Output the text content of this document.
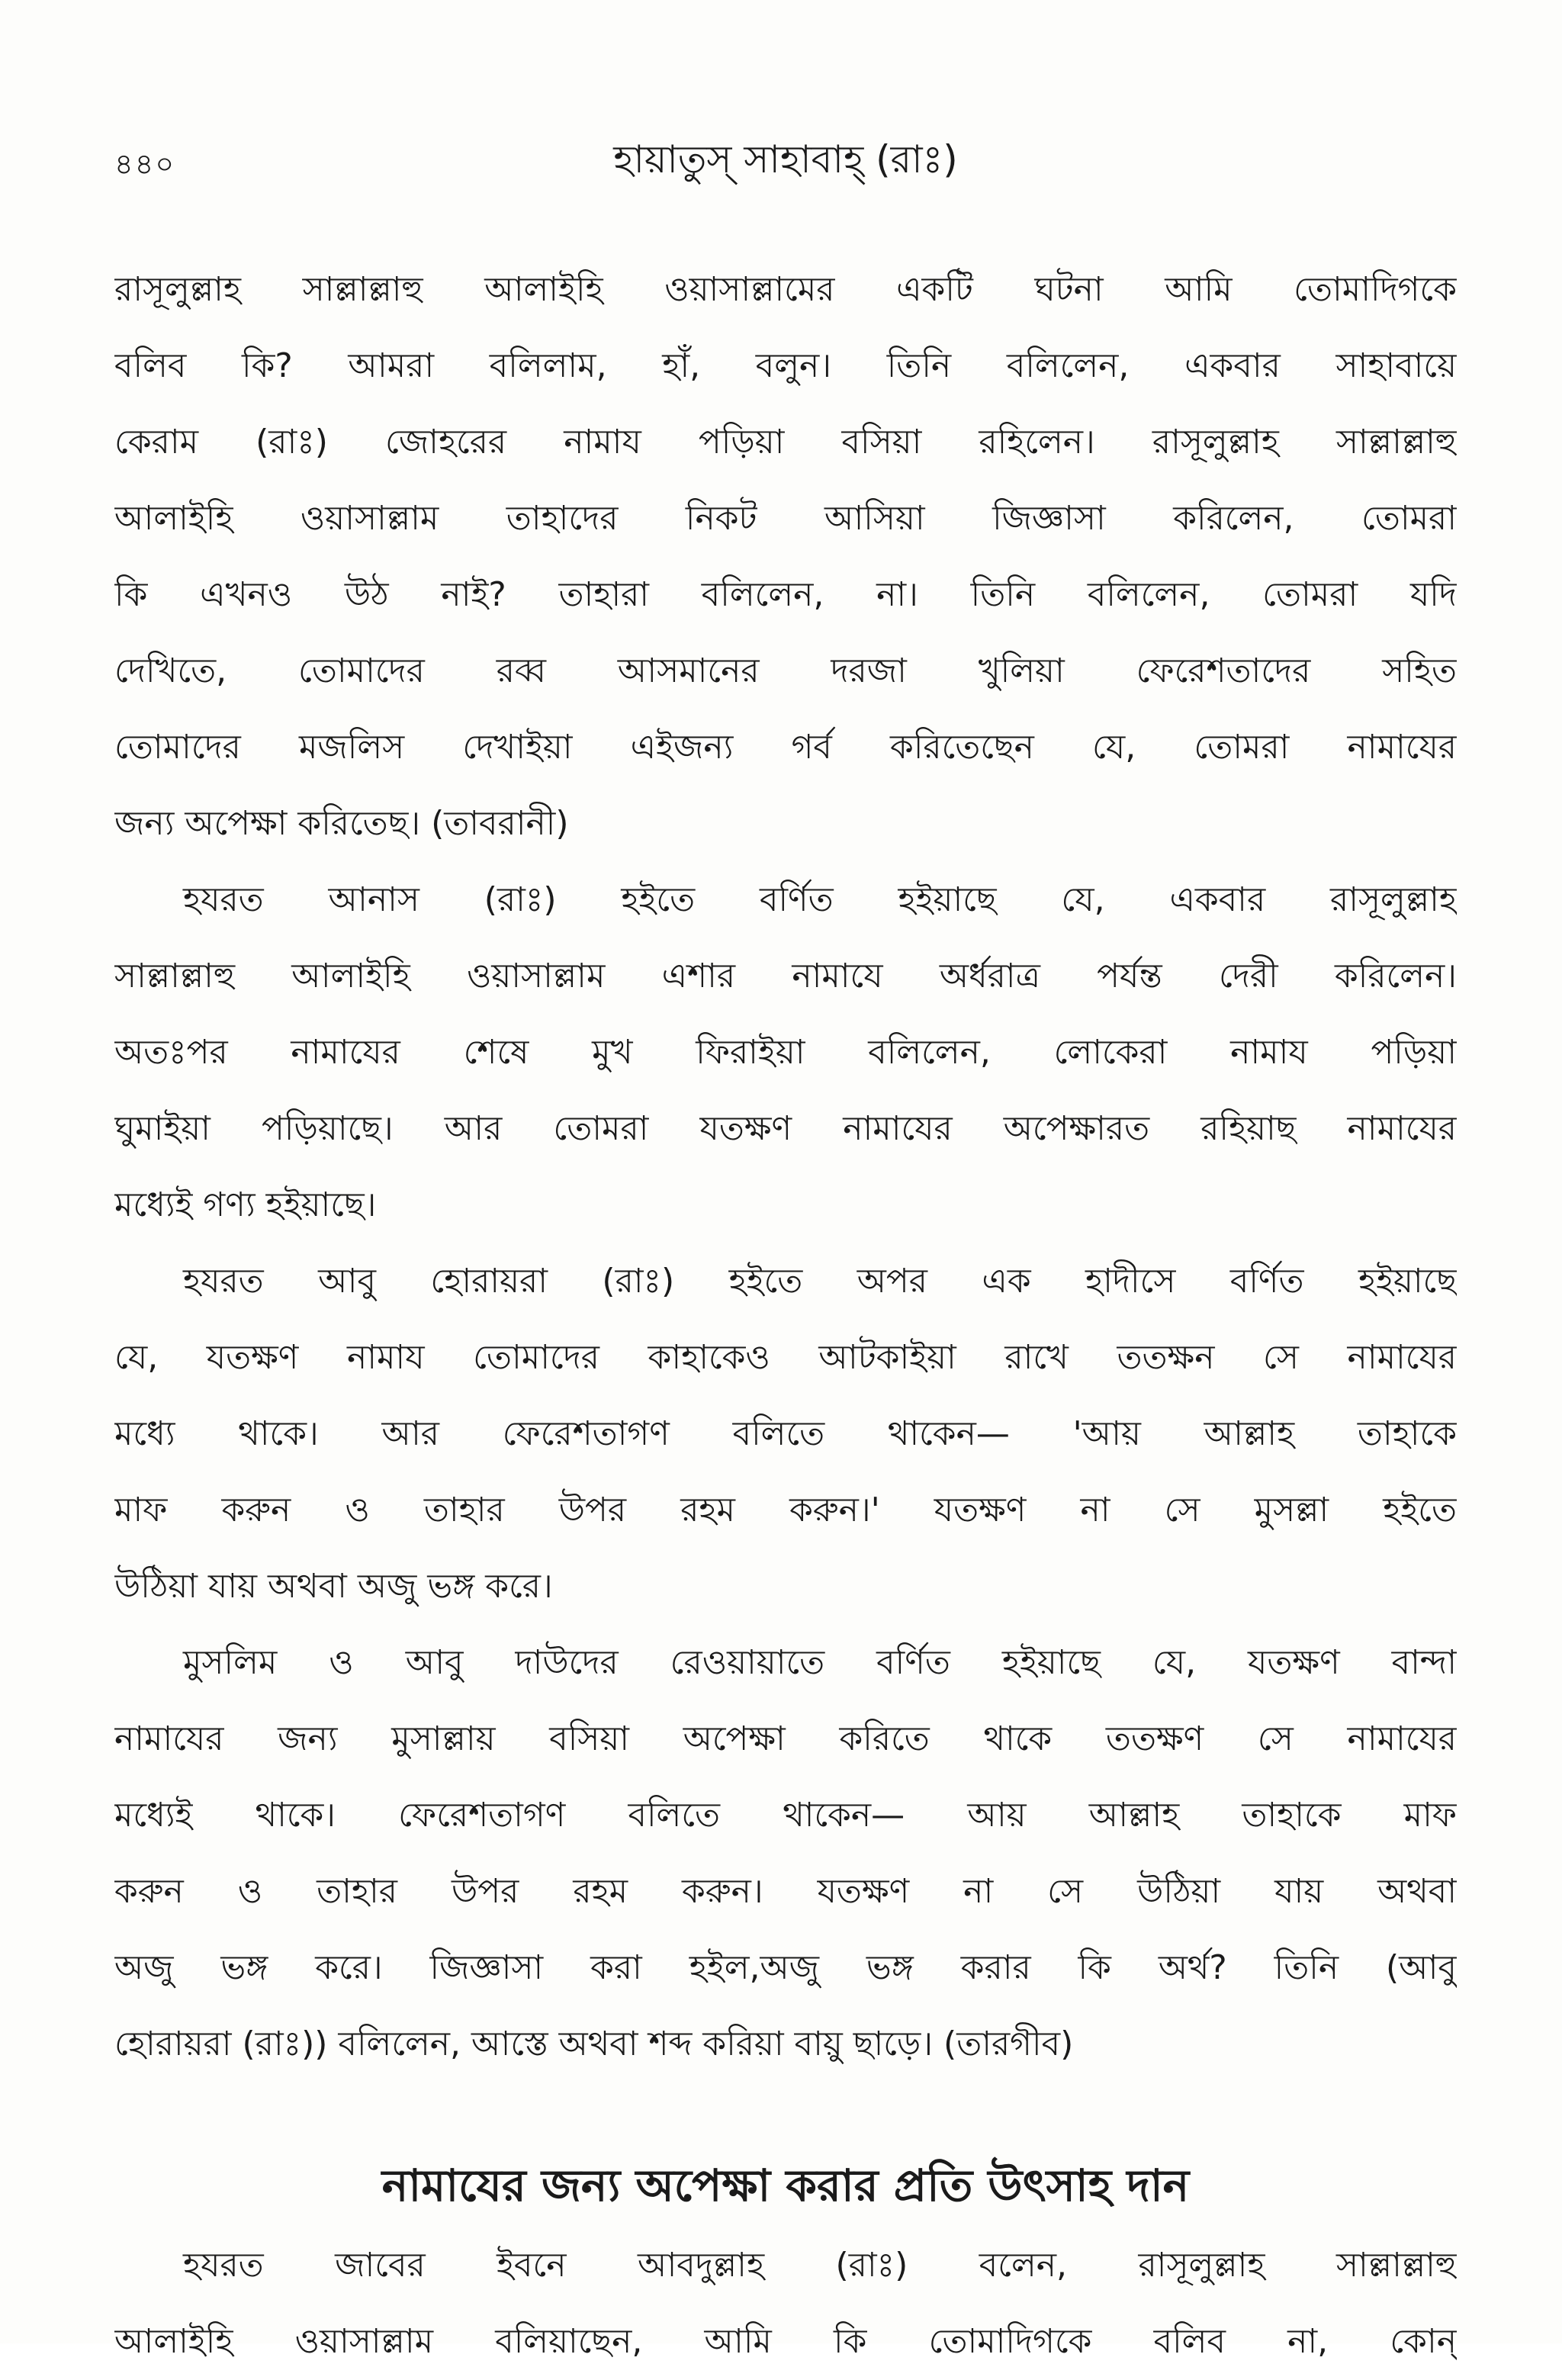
৪৪০	হায়াতুস্ সাহাবাহ্ (রাঃ)
রাসূলুল্লাহ সাল্লাল্লাহু আলাইহি ওয়াসাল্লামের একটি ঘটনা আমি তোমাদিগকে
বলিব কি? আমরা বলিলাম, হাঁ, বলুন। তিনি বলিলেন, একবার সাহাবায়ে
কেরাম (রাঃ) জোহরের নামায পড়িয়া বসিয়া রহিলেন। রাসূলুল্লাহ সাল্লাল্লাহু
আলাইহি ওয়াসাল্লাম তাহাদের নিকট আসিয়া জিজ্ঞাসা করিলেন, তোমরা
কি এখনও উঠ নাই? তাহারা বলিলেন, না। তিনি বলিলেন, তোমরা যদি
দেখিতে, তোমাদের রব্ব আসমানের দরজা খুলিয়া ফেরেশতাদের সহিত
তোমাদের মজলিস দেখাইয়া এইজন্য গর্ব করিতেছেন যে, তোমরা নামাযের
জন্য অপেক্ষা করিতেছ। (তাবরানী)
হযরত আনাস (রাঃ) হইতে বর্ণিত হইয়াছে যে, একবার রাসূলুল্লাহ
সাল্লাল্লাহু আলাইহি ওয়াসাল্লাম এশার নামাযে অর্ধরাত্র পর্যন্ত দেরী করিলেন।
অতঃপর নামাযের শেষে মুখ ফিরাইয়া বলিলেন, লোকেরা নামায পড়িয়া
ঘুমাইয়া পড়িয়াছে। আর তোমরা যতক্ষণ নামাযের অপেক্ষারত রহিয়াছ নামাযের
মধ্যেই গণ্য হইয়াছে।
হযরত আবু হোরায়রা (রাঃ) হইতে অপর এক হাদীসে বর্ণিত হইয়াছে
যে, যতক্ষণ নামায তোমাদের কাহাকেও আটকাইয়া রাখে ততক্ষন সে নামাযের
মধ্যে থাকে। আর ফেরেশতাগণ বলিতে থাকেন— 'আয় আল্লাহ তাহাকে
মাফ করুন ও তাহার উপর রহম করুন।' যতক্ষণ না সে মুসল্লা হইতে
উঠিয়া যায় অথবা অজু ভঙ্গ করে।
মুসলিম ও আবু দাউদের রেওয়ায়াতে বর্ণিত হইয়াছে যে, যতক্ষণ বান্দা
নামাযের জন্য মুসাল্লায় বসিয়া অপেক্ষা করিতে থাকে ততক্ষণ সে নামাযের
মধ্যেই থাকে। ফেরেশতাগণ বলিতে থাকেন— আয় আল্লাহ তাহাকে মাফ
করুন ও তাহার উপর রহম করুন। যতক্ষণ না সে উঠিয়া যায় অথবা
অজু ভঙ্গ করে। জিজ্ঞাসা করা হইল,অজু ভঙ্গ করার কি অর্থ? তিনি (আবু
হোরায়রা (রাঃ)) বলিলেন, আস্তে অথবা শব্দ করিয়া বায়ু ছাড়ে। (তারগীব)
নামাযের জন্য অপেক্ষা করার প্রতি উৎসাহ দান
হযরত জাবের ইবনে আবদুল্লাহ (রাঃ) বলেন, রাসূলুল্লাহ সাল্লাল্লাহু
আলাইহি ওয়াসাল্লাম বলিয়াছেন, আমি কি তোমাদিগকে বলিব না, কোন্
